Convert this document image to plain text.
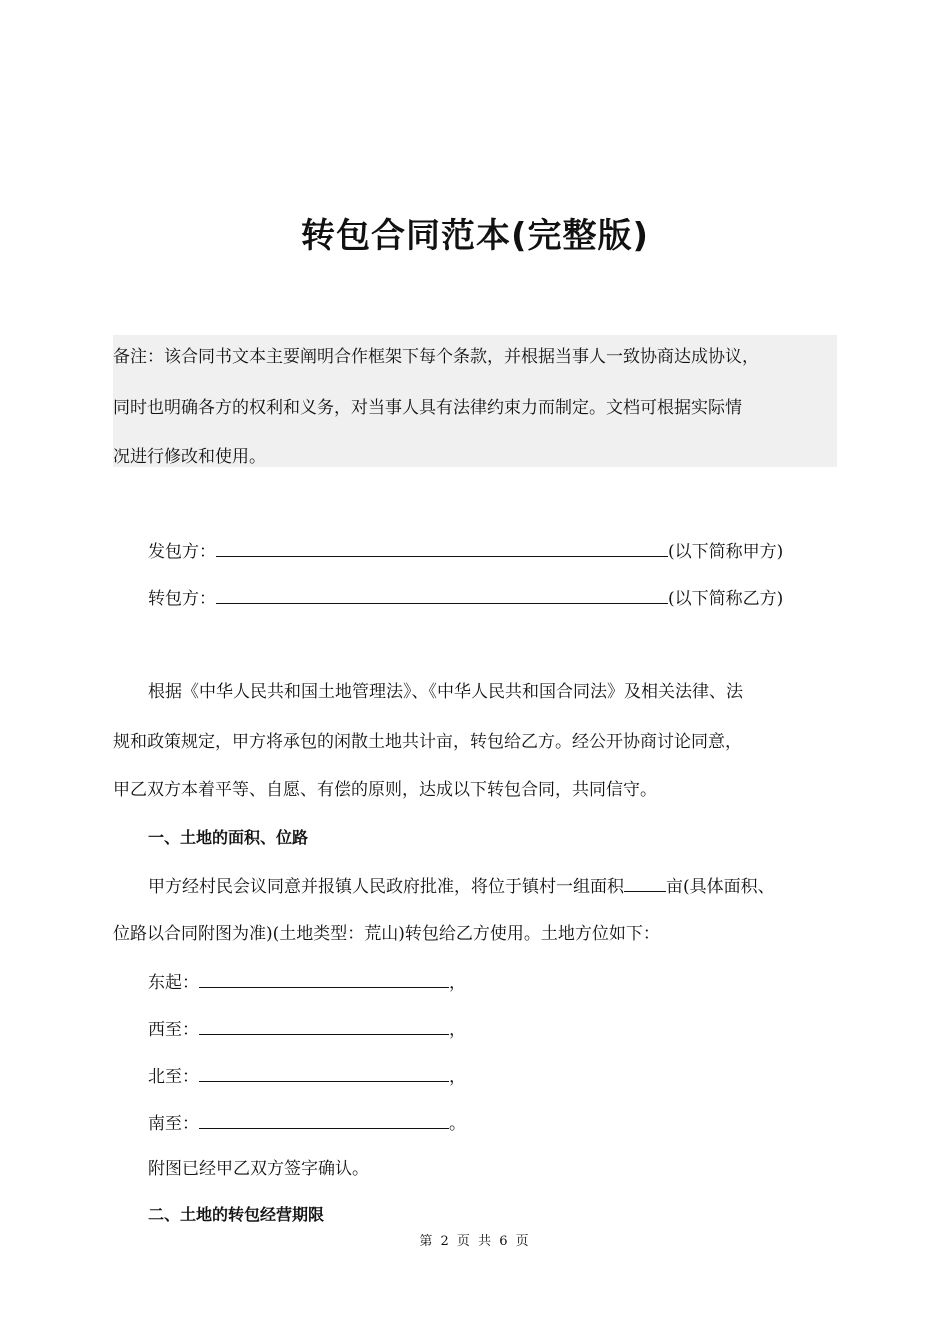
转包合同范本(完整版)
备注：该合同书文本主要阐明合作框架下每个条款，并根据当事人一致协商达成协议，
同时也明确各方的权利和义务，对当事人具有法律约束力而制定。文档可根据实际情
况进行修改和使用。
发包方：	(以下简称甲方)
转包方：	(以下简称乙方)
根据《中华人民共和国土地管理法》、《中华人民共和国合同法》及相关法律、法
规和政策规定，甲方将承包的闲散土地共计亩，转包给乙方。经公开协商讨论同意，
甲乙双方本着平等、自愿、有偿的原则，达成以下转包合同，共同信守。
一、土地的面积、位路
甲方经村民会议同意并报镇人民政府批准，将位于镇村一组面积 亩(具体面积、
位路以合同附图为准)(土地类型：荒山)转包给乙方使用。土地方位如下：
东起：	，
西至：	，
北至：	，
南至：	。
附图已经甲乙双方签字确认。
二、土地的转包经营期限
第 2 页 共 6 页
